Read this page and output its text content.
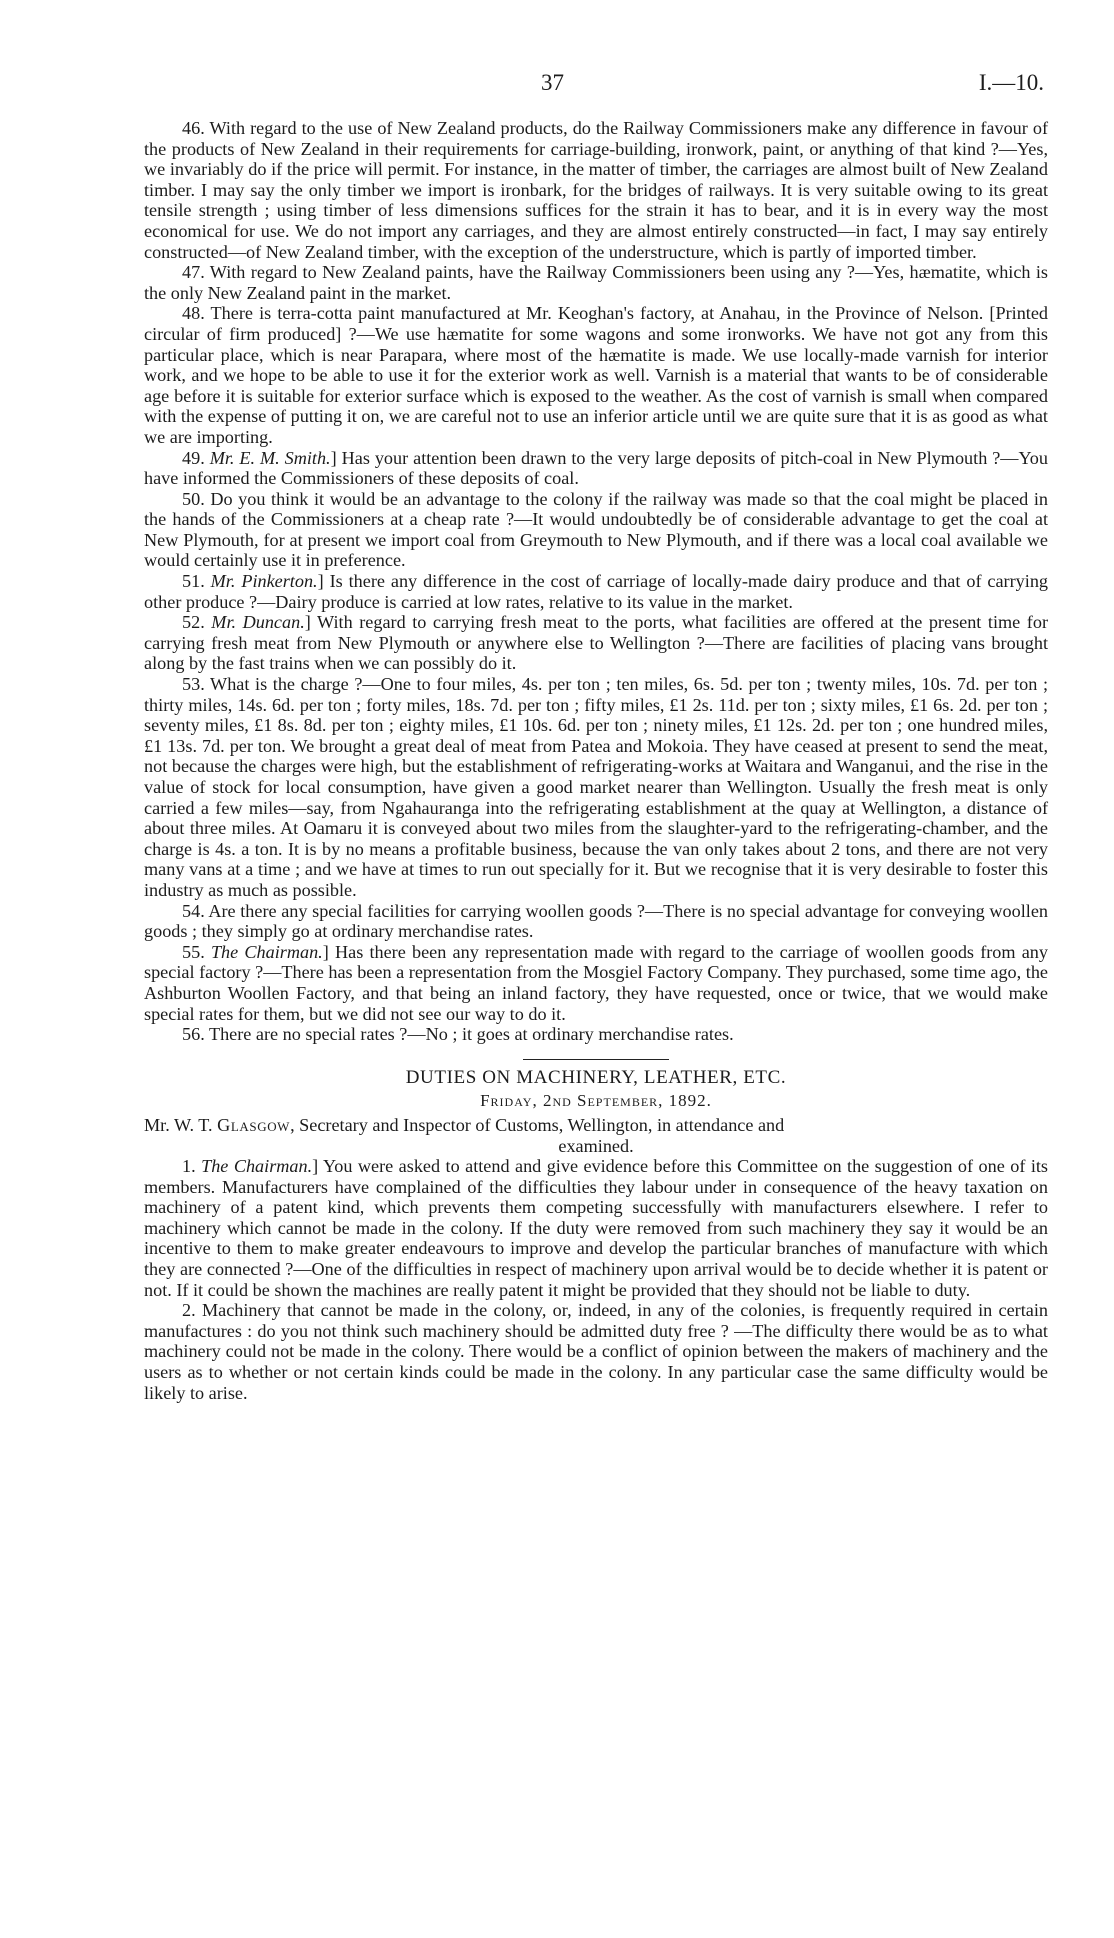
37	I.—10.

46. With regard to the use of New Zealand products, do the Railway Commissioners make any difference in favour of the products of New Zealand in their requirements for carriage-building, ironwork, paint, or anything of that kind ?—Yes, we invariably do if the price will permit. For instance, in the matter of timber, the carriages are almost built of New Zealand timber. I may say the only timber we import is ironbark, for the bridges of railways. It is very suitable owing to its great tensile strength ; using timber of less dimensions suffices for the strain it has to bear, and it is in every way the most economical for use. We do not import any carriages, and they are almost entirely constructed—in fact, I may say entirely constructed—of New Zealand timber, with the exception of the understructure, which is partly of imported timber.

47. With regard to New Zealand paints, have the Railway Commissioners been using any ?—Yes, hæmatite, which is the only New Zealand paint in the market.

48. There is terra-cotta paint manufactured at Mr. Keoghan's factory, at Anahau, in the Province of Nelson. [Printed circular of firm produced] ?—We use hæmatite for some wagons and some ironworks. We have not got any from this particular place, which is near Parapara, where most of the hæmatite is made. We use locally-made varnish for interior work, and we hope to be able to use it for the exterior work as well. Varnish is a material that wants to be of considerable age before it is suitable for exterior surface which is exposed to the weather. As the cost of varnish is small when compared with the expense of putting it on, we are careful not to use an inferior article until we are quite sure that it is as good as what we are importing.

49. Mr. E. M. Smith.] Has your attention been drawn to the very large deposits of pitch-coal in New Plymouth ?—You have informed the Commissioners of these deposits of coal.

50. Do you think it would be an advantage to the colony if the railway was made so that the coal might be placed in the hands of the Commissioners at a cheap rate ?—It would undoubtedly be of considerable advantage to get the coal at New Plymouth, for at present we import coal from Greymouth to New Plymouth, and if there was a local coal available we would certainly use it in preference.

51. Mr. Pinkerton.] Is there any difference in the cost of carriage of locally-made dairy produce and that of carrying other produce ?—Dairy produce is carried at low rates, relative to its value in the market.

52. Mr. Duncan.] With regard to carrying fresh meat to the ports, what facilities are offered at the present time for carrying fresh meat from New Plymouth or anywhere else to Wellington ?—There are facilities of placing vans brought along by the fast trains when we can possibly do it.

53. What is the charge ?—One to four miles, 4s. per ton ; ten miles, 6s. 5d. per ton ; twenty miles, 10s. 7d. per ton ; thirty miles, 14s. 6d. per ton ; forty miles, 18s. 7d. per ton ; fifty miles, £1 2s. 11d. per ton ; sixty miles, £1 6s. 2d. per ton ; seventy miles, £1 8s. 8d. per ton ; eighty miles, £1 10s. 6d. per ton ; ninety miles, £1 12s. 2d. per ton ; one hundred miles, £1 13s. 7d. per ton. We brought a great deal of meat from Patea and Mokoia. They have ceased at present to send the meat, not because the charges were high, but the establishment of refrigerating-works at Waitara and Wanganui, and the rise in the value of stock for local consumption, have given a good market nearer than Wellington. Usually the fresh meat is only carried a few miles—say, from Ngahauranga into the refrigerating establishment at the quay at Wellington, a distance of about three miles. At Oamaru it is conveyed about two miles from the slaughter-yard to the refrigerating-chamber, and the charge is 4s. a ton. It is by no means a profitable business, because the van only takes about 2 tons, and there are not very many vans at a time ; and we have at times to run out specially for it. But we recognise that it is very desirable to foster this industry as much as possible.

54. Are there any special facilities for carrying woollen goods ?—There is no special advantage for conveying woollen goods ; they simply go at ordinary merchandise rates.

55. The Chairman.] Has there been any representation made with regard to the carriage of woollen goods from any special factory ?—There has been a representation from the Mosgiel Factory Company. They purchased, some time ago, the Ashburton Woollen Factory, and that being an inland factory, they have requested, once or twice, that we would make special rates for them, but we did not see our way to do it.

56. There are no special rates ?—No ; it goes at ordinary merchandise rates.

DUTIES ON MACHINERY, LEATHER, ETC.
Friday, 2nd September, 1892.

Mr. W. T. Glasgow, Secretary and Inspector of Customs, Wellington, in attendance and

examined.

1. The Chairman.] You were asked to attend and give evidence before this Committee on the suggestion of one of its members. Manufacturers have complained of the difficulties they labour under in consequence of the heavy taxation on machinery of a patent kind, which prevents them competing successfully with manufacturers elsewhere. I refer to machinery which cannot be made in the colony. If the duty were removed from such machinery they say it would be an incentive to them to make greater endeavours to improve and develop the particular branches of manufacture with which they are connected ?—One of the difficulties in respect of machinery upon arrival would be to decide whether it is patent or not. If it could be shown the machines are really patent it might be provided that they should not be liable to duty.

2. Machinery that cannot be made in the colony, or, indeed, in any of the colonies, is frequently required in certain manufactures : do you not think such machinery should be admitted duty free ? —The difficulty there would be as to what machinery could not be made in the colony. There would be a conflict of opinion between the makers of machinery and the users as to whether or not certain kinds could be made in the colony. In any particular case the same difficulty would be likely to arise.
